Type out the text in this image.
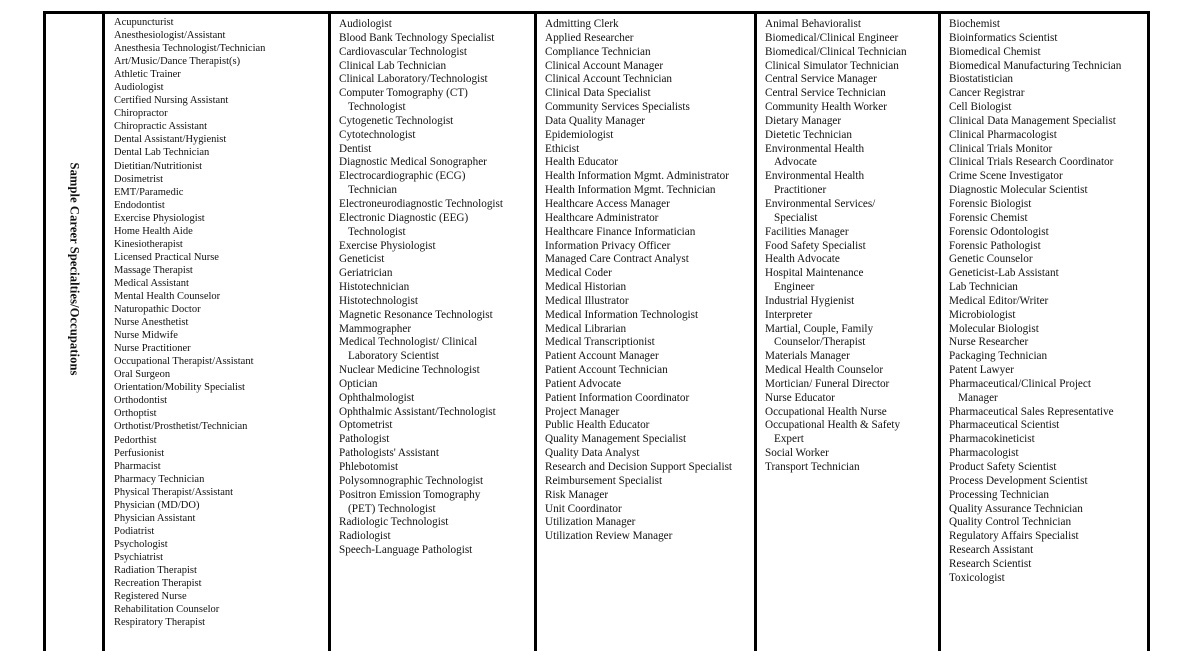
Sample Career Specialties/Occupations
Acupuncturist
Anesthesiologist/Assistant
Anesthesia Technologist/Technician
Art/Music/Dance Therapist(s)
Athletic Trainer
Audiologist
Certified Nursing Assistant
Chiropractor
Chiropractic Assistant
Dental Assistant/Hygienist
Dental Lab Technician
Dietitian/Nutritionist
Dosimetrist
EMT/Paramedic
Endodontist
Exercise Physiologist
Home Health Aide
Kinesiotherapist
Licensed Practical Nurse
Massage Therapist
Medical Assistant
Mental Health Counselor
Naturopathic Doctor
Nurse Anesthetist
Nurse Midwife
Nurse Practitioner
Occupational Therapist/Assistant
Oral Surgeon
Orientation/Mobility Specialist
Orthodontist
Orthoptist
Orthotist/Prosthetist/Technician
Pedorthist
Perfusionist
Pharmacist
Pharmacy Technician
Physical Therapist/Assistant
Physician (MD/DO)
Physician Assistant
Podiatrist
Psychologist
Psychiatrist
Radiation Therapist
Recreation Therapist
Registered Nurse
Rehabilitation Counselor
Respiratory Therapist
Audiologist
Blood Bank Technology Specialist
Cardiovascular Technologist
Clinical Lab Technician
Clinical Laboratory/Technologist
Computer Tomography (CT)
Technologist
Cytogenetic Technologist
Cytotechnologist
Dentist
Diagnostic Medical Sonographer
Electrocardiographic (ECG)
Technician
Electroneurodiagnostic Technologist
Electronic Diagnostic (EEG)
Technologist
Exercise Physiologist
Geneticist
Geriatrician
Histotechnician
Histotechnologist
Magnetic Resonance Technologist
Mammographer
Medical Technologist/ Clinical
Laboratory Scientist
Nuclear Medicine Technologist
Optician
Ophthalmologist
Ophthalmic Assistant/Technologist
Optometrist
Pathologist
Pathologists' Assistant
Phlebotomist
Polysomnographic Technologist
Positron Emission Tomography
(PET) Technologist
Radiologic Technologist
Radiologist
Speech-Language Pathologist
Admitting Clerk
Applied Researcher
Compliance Technician
Clinical Account Manager
Clinical Account Technician
Clinical Data Specialist
Community Services Specialists
Data Quality Manager
Epidemiologist
Ethicist
Health Educator
Health Information Mgmt. Administrator
Health Information Mgmt. Technician
Healthcare Access Manager
Healthcare Administrator
Healthcare Finance Informatician
Information Privacy Officer
Managed Care Contract Analyst
Medical Coder
Medical Historian
Medical Illustrator
Medical Information Technologist
Medical Librarian
Medical Transcriptionist
Patient Account Manager
Patient Account Technician
Patient Advocate
Patient Information Coordinator
Project Manager
Public Health Educator
Quality Management Specialist
Quality Data Analyst
Research and Decision Support Specialist
Reimbursement Specialist
Risk Manager
Unit Coordinator
Utilization Manager
Utilization Review Manager
Animal Behavioralist
Biomedical/Clinical Engineer
Biomedical/Clinical Technician
Clinical Simulator Technician
Central Service Manager
Central Service Technician
Community Health Worker
Dietary Manager
Dietetic Technician
Environmental Health
Advocate
Environmental Health
Practitioner
Environmental Services/
Specialist
Facilities Manager
Food Safety Specialist
Health Advocate
Hospital Maintenance
Engineer
Industrial Hygienist
Interpreter
Martial, Couple, Family
Counselor/Therapist
Materials Manager
Medical Health Counselor
Mortician/ Funeral Director
Nurse Educator
Occupational Health Nurse
Occupational Health & Safety
Expert
Social Worker
Transport Technician
Biochemist
Bioinformatics Scientist
Biomedical Chemist
Biomedical Manufacturing Technician
Biostatistician
Cancer Registrar
Cell Biologist
Clinical Data Management Specialist
Clinical Pharmacologist
Clinical Trials Monitor
Clinical Trials Research Coordinator
Crime Scene Investigator
Diagnostic Molecular Scientist
Forensic Biologist
Forensic Chemist
Forensic Odontologist
Forensic Pathologist
Genetic Counselor
Geneticist-Lab Assistant
Lab Technician
Medical Editor/Writer
Microbiologist
Molecular Biologist
Nurse Researcher
Packaging Technician
Patent Lawyer
Pharmaceutical/Clinical Project
Manager
Pharmaceutical Sales Representative
Pharmaceutical Scientist
Pharmacokineticist
Pharmacologist
Product Safety Scientist
Process Development Scientist
Processing Technician
Quality Assurance Technician
Quality Control Technician
Regulatory Affairs Specialist
Research Assistant
Research Scientist
Toxicologist
